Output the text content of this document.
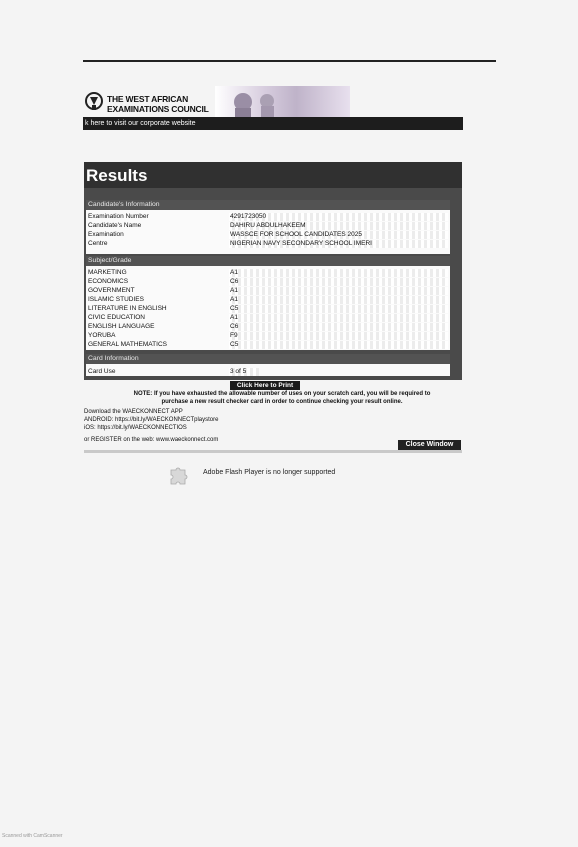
THE WEST AFRICAN
EXAMINATIONS COUNCIL
k here to visit our corporate website
Results
Candidate's Information
Examination Number	4291723050
Candidate's Name	DAHIRU ABDULHAKEEM
Examination	WASSCE FOR SCHOOL CANDIDATES 2025
Centre	NIGERIAN NAVY SECONDARY SCHOOL IMERI
Subject/Grade
MARKETING	A1
ECONOMICS	C6
GOVERNMENT	A1
ISLAMIC STUDIES	A1
LITERATURE IN ENGLISH	C5
CIVIC EDUCATION	A1
ENGLISH LANGUAGE	C6
YORUBA	F9
GENERAL MATHEMATICS	C5
Card Information
Card Use	3 of 5
Click Here to Print
NOTE: If you have exhausted the allowable number of uses on your scratch card, you will be required to
purchase a new result checker card in order to continue checking your result online.
Download the WAECKONNECT APP
ANDROID: https://bit.ly/WAECKONNECTplaystore
iOS: https://bit.ly/WAECKONNECTIOS
or REGISTER on the web: www.waeckonnect.com
Close Window
Adobe Flash Player is no longer supported
Scanned with CamScanner
